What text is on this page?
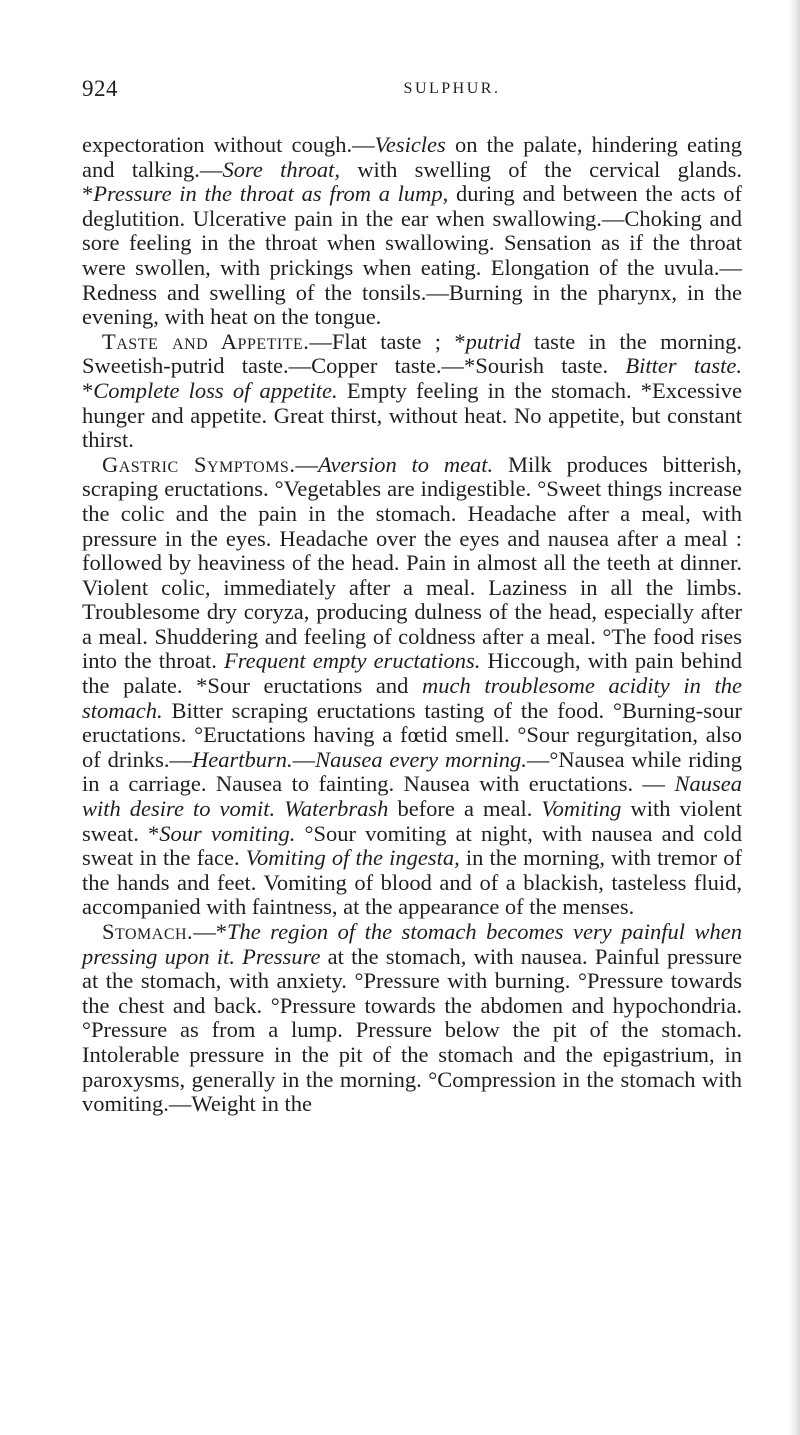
924	SULPHUR.

expectoration without cough.—Vesicles on the palate, hindering eating and talking.—Sore throat, with swelling of the cervical glands. *Pressure in the throat as from a lump, during and between the acts of deglutition. Ulcerative pain in the ear when swallowing.—Choking and sore feeling in the throat when swallowing. Sensation as if the throat were swollen, with prickings when eating. Elongation of the uvula.—Redness and swelling of the tonsils.—Burning in the pharynx, in the evening, with heat on the tongue.

Taste and Appetite.—Flat taste ; *putrid taste in the morning. Sweetish-putrid taste.—Copper taste.—*Sourish taste. Bitter taste. *Complete loss of appetite. Empty feeling in the stomach. *Excessive hunger and appetite. Great thirst, without heat. No appetite, but constant thirst.

Gastric Symptoms.—Aversion to meat. Milk produces bitterish, scraping eructations. °Vegetables are indigestible. °Sweet things increase the colic and the pain in the stomach. Headache after a meal, with pressure in the eyes. Headache over the eyes and nausea after a meal : followed by heaviness of the head. Pain in almost all the teeth at dinner. Violent colic, immediately after a meal. Laziness in all the limbs. Troublesome dry coryza, producing dulness of the head, especially after a meal. Shuddering and feeling of coldness after a meal. °The food rises into the throat. Frequent empty eructations. Hiccough, with pain behind the palate. *Sour eructations and much troublesome acidity in the stomach. Bitter scraping eructations tasting of the food. °Burning-sour eructations. °Eructations having a fœtid smell. °Sour regurgitation, also of drinks.—Heartburn.—Nausea every morning.—°Nausea while riding in a carriage. Nausea to fainting. Nausea with eructations. — Nausea with desire to vomit. Waterbrash before a meal. Vomiting with violent sweat. *Sour vomiting. °Sour vomiting at night, with nausea and cold sweat in the face. Vomiting of the ingesta, in the morning, with tremor of the hands and feet. Vomiting of blood and of a blackish, tasteless fluid, accompanied with faintness, at the appearance of the menses.

Stomach.—*The region of the stomach becomes very painful when pressing upon it. Pressure at the stomach, with nausea. Painful pressure at the stomach, with anxiety. °Pressure with burning. °Pressure towards the chest and back. °Pressure towards the abdomen and hypochondria. °Pressure as from a lump. Pressure below the pit of the stomach. Intolerable pressure in the pit of the stomach and the epigastrium, in paroxysms, generally in the morning. °Compression in the stomach with vomiting.—Weight in the
